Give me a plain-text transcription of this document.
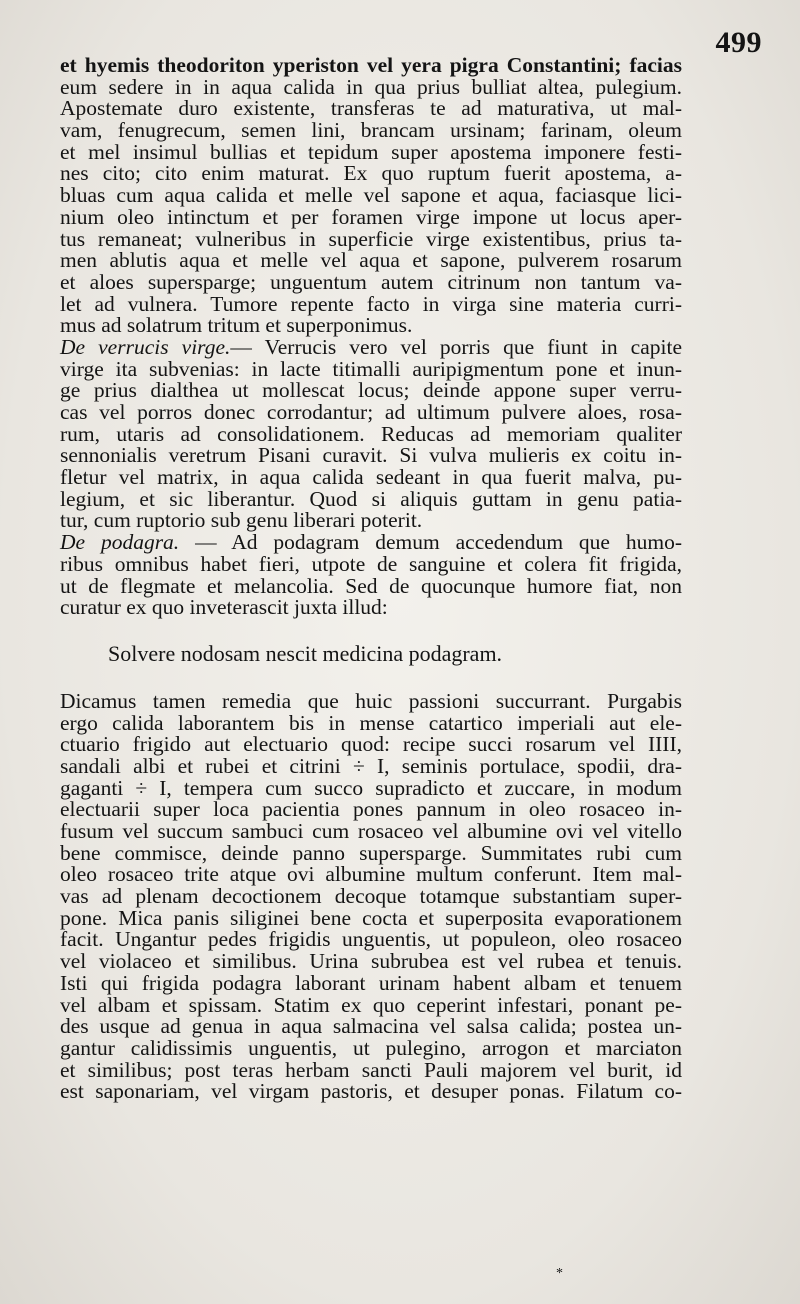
499
et hyemis theodoriton yperiston vel yera pigra Constantini; facias
eum sedere in in aqua calida in qua prius bulliat altea, pulegium.
Apostemate duro existente, transferas te ad maturativa, ut mal-
vam, fenugrecum, semen lini, brancam ursinam; farinam, oleum
et mel insimul bullias et tepidum super apostema imponere festi-
nes cito; cito enim maturat. Ex quo ruptum fuerit apostema, a-
bluas cum aqua calida et melle vel sapone et aqua, faciasque lici-
nium oleo intinctum et per foramen virge impone ut locus aper-
tus remaneat; vulneribus in superficie virge existentibus, prius ta-
men ablutis aqua et melle vel aqua et sapone, pulverem rosarum
et aloes supersparge; unguentum autem citrinum non tantum va-
let ad vulnera. Tumore repente facto in virga sine materia curri-
mus ad solatrum tritum et superponimus.
De verrucis virge.— Verrucis vero vel porris que fiunt in capite
virge ita subvenias: in lacte titimalli auripigmentum pone et inun-
ge prius dialthea ut mollescat locus; deinde appone super verru-
cas vel porros donec corrodantur; ad ultimum pulvere aloes, rosa-
rum, utaris ad consolidationem. Reducas ad memoriam qualiter
sennonialis veretrum Pisani curavit. Si vulva mulieris ex coitu in-
fletur vel matrix, in aqua calida sedeant in qua fuerit malva, pu-
legium, et sic liberantur. Quod si aliquis guttam in genu patia-
tur, cum ruptorio sub genu liberari poterit.
De podagra. — Ad podagram demum accedendum que humo-
ribus omnibus habet fieri, utpote de sanguine et colera fit frigida,
ut de flegmate et melancolia. Sed de quocunque humore fiat, non
curatur ex quo inveterascit juxta illud:
Solvere nodosam nescit medicina podagram.
Dicamus tamen remedia que huic passioni succurrant. Purgabis
ergo calida laborantem bis in mense catartico imperiali aut ele-
ctuario frigido aut electuario quod: recipe succi rosarum vel IIII,
sandali albi et rubei et citrini ÷ I, seminis portulace, spodii, dra-
gaganti ÷ I, tempera cum succo supradicto et zuccare, in modum
electuarii super loca pacientia pones pannum in oleo rosaceo in-
fusum vel succum sambuci cum rosaceo vel albumine ovi vel vitello
bene commisce, deinde panno supersparge. Summitates rubi cum
oleo rosaceo trite atque ovi albumine multum conferunt. Item mal-
vas ad plenam decoctionem decoque totamque substantiam super-
pone. Mica panis siliginei bene cocta et superposita evaporationem
facit. Ungantur pedes frigidis unguentis, ut populeon, oleo rosaceo
vel violaceo et similibus. Urina subrubea est vel rubea et tenuis.
Isti qui frigida podagra laborant urinam habent albam et tenuem
vel albam et spissam. Statim ex quo ceperint infestari, ponant pe-
des usque ad genua in aqua salmacina vel salsa calida; postea un-
gantur calidissimis unguentis, ut pulegino, arrogon et marciaton
et similibus; post teras herbam sancti Pauli majorem vel burit, id
est saponariam, vel virgam pastoris, et desuper ponas. Filatum co-
*
